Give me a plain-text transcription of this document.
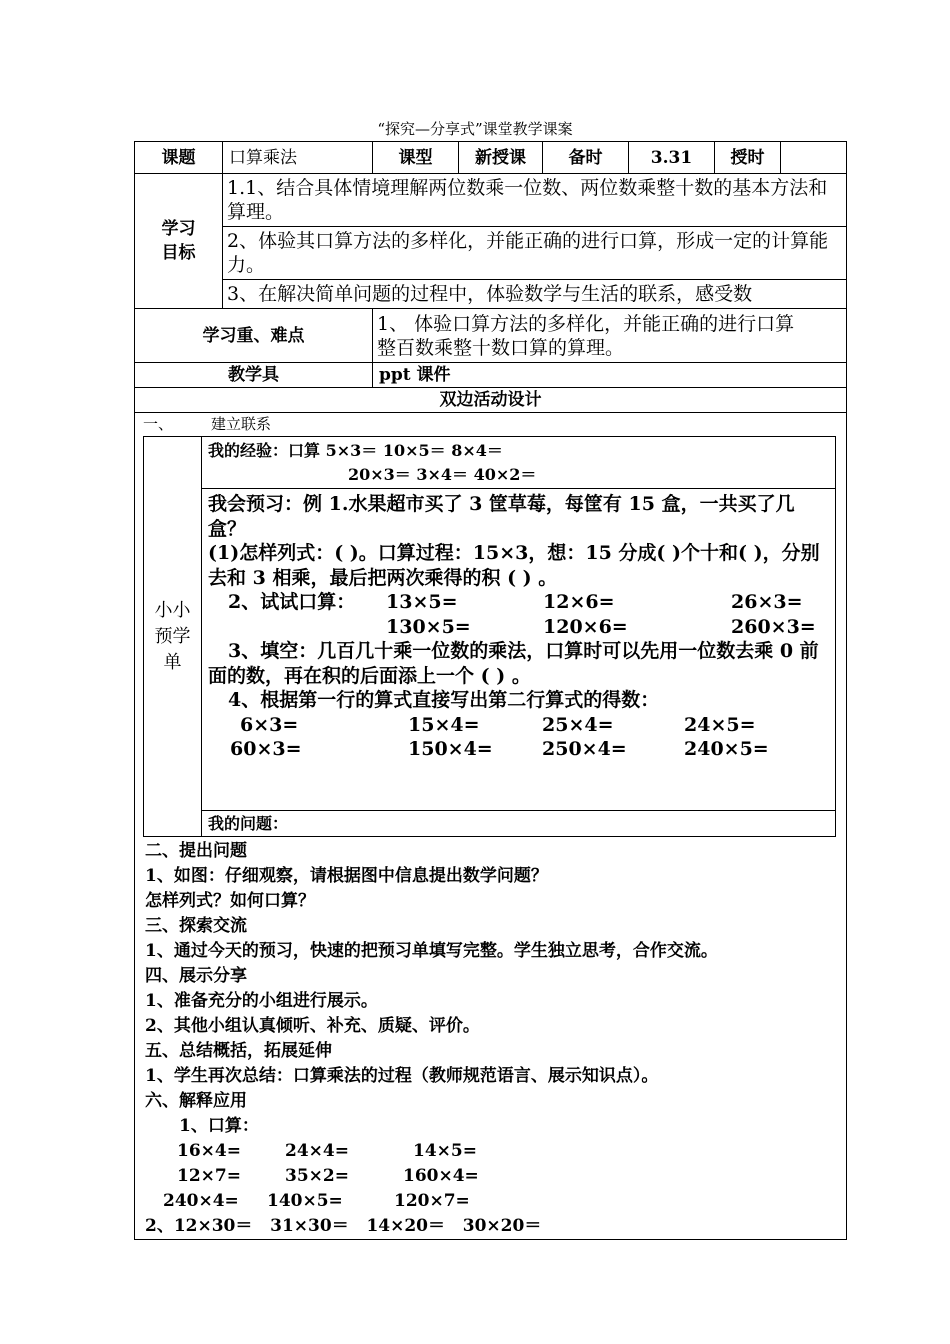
“探究—分享式”课堂教学课案
课题	口算乘法	课型	新授课	备时	3.31	授时	

学习目标
	1.1、结合具体情境理解两位数乘一位数、两位数乘整十数的基本方法和算理。
2、体验其口算方法的多样化，并能正确的进行口算，形成一定的计算能力。
3、在解决简单问题的过程中，体验数学与生活的联系，感受数
学习重、难点	
1、 体验口算方法的多样化，并能正确的进行口算
整百数乘整十数口算的算理。

教学具	ppt 课件
双边活动设计

一、	建立联系
小小预学单

我的经验：口算 5×3＝ 10×5＝ 8×4＝
20×3＝ 3×4＝ 40×2＝

我会预习：例 1.水果超市买了 3 筐草莓，每筐有 15 盒，一共买了几盒？
(1)怎样列式：( )。口算过程：15×3，想：15 分成( )个十和( )，分别去和 3 相乘，最后把两次乘得的积 ( ) 。
2、试试口算：	13×5=	12×6=	26×3=
130×5=	120×6=	260×3=
3、填空：几百几十乘一位数的乘法，口算时可以先用一位数去乘 0 前面的数，再在积的后面添上一个 ( ) 。
4、根据第一行的算式直接写出第二行算式的得数：
6×3=	15×4=	25×4=	24×5=
60×3=	150×4=	250×4=	240×5=

我的问题：
二、提出问题
1、如图：仔细观察，请根据图中信息提出数学问题？
怎样列式？如何口算？
三、探索交流
1、通过今天的预习，快速的把预习单填写完整。学生独立思考，合作交流。
四、展示分享
1、准备充分的小组进行展示。
2、其他小组认真倾听、补充、质疑、评价。
五、总结概括，拓展延伸
1、学生再次总结：口算乘法的过程（教师规范语言、展示知识点）。
六、解释应用
1、口算：
16×4=	24×4=	14×5=
12×7=	35×2=	160×4=
240×4=	140×5=	120×7=
2、12×30＝   31×30＝   14×20＝   30×20＝
